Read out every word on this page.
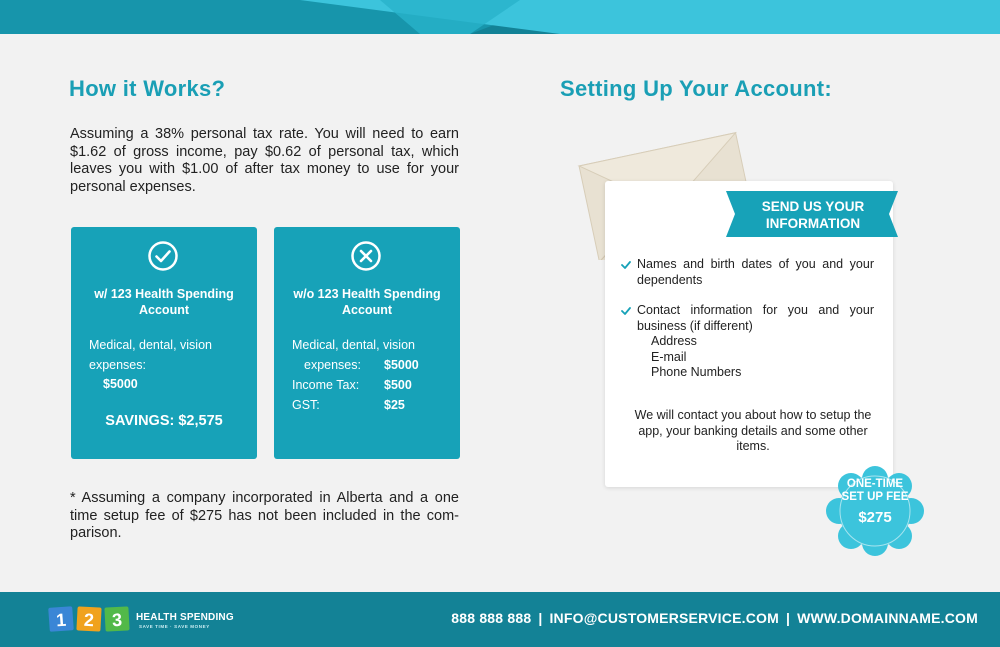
How it Works?
Assuming a 38% personal tax rate. You will need to earn $1.62 of gross income, pay $0.62 of personal tax, which leaves you with $1.00 of after tax money to use for your personal expenses.
w/ 123 Health Spending
Account
Medical, dental, vision
expenses:
$5000
SAVINGS: $2,575
w/o 123 Health Spending
Account
Medical, dental, vision
expenses: $5000
Income Tax: $500
GST:	$25
* Assuming a company incorporated in Alberta and a one time setup fee of $275 has not been included in the com-parison.
Setting Up Your Account:
SEND US YOUR
INFORMATION
Names and birth dates of you and your dependents
Contact information for you and your business (if different)
Address
E-mail
Phone Numbers
We will contact you about how to setup the app, your banking details and some other items.
ONE-TIME
SET UP FEE
$275
1 2 3 HEALTH SPENDING
SAVE TIME · SAVE MONEY
888 888 888 | INFO@CUSTOMERSERVICE.COM | WWW.DOMAINNAME.COM
